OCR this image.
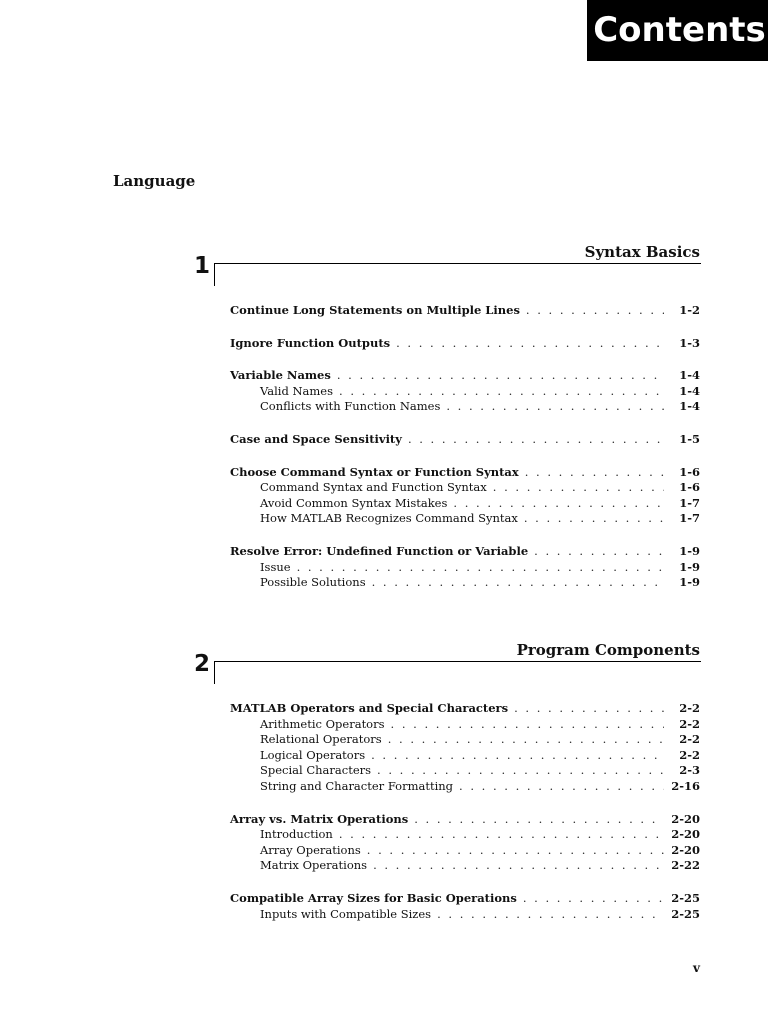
Contents
Language
Syntax Basics
1
Continue Long Statements on Multiple Lines . . .	1-2
Ignore Function Outputs . . .	1-3
Variable Names . . .	1-4
Valid Names . . .	1-4
Conflicts with Function Names . . .	1-4
Case and Space Sensitivity . . .	1-5
Choose Command Syntax or Function Syntax . . .	1-6
Command Syntax and Function Syntax . . .	1-6
Avoid Common Syntax Mistakes . . .	1-7
How MATLAB Recognizes Command Syntax . . .	1-7
Resolve Error: Undefined Function or Variable . . .	1-9
Issue . . .	1-9
Possible Solutions . . .	1-9
Program Components
2
MATLAB Operators and Special Characters . . .	2-2
Arithmetic Operators . . .	2-2
Relational Operators . . .	2-2
Logical Operators . . .	2-2
Special Characters . . .	2-3
String and Character Formatting . . .	2-16
Array vs. Matrix Operations . . .	2-20
Introduction . . .	2-20
Array Operations . . .	2-20
Matrix Operations . . .	2-22
Compatible Array Sizes for Basic Operations . . .	2-25
Inputs with Compatible Sizes . . .	2-25
v
